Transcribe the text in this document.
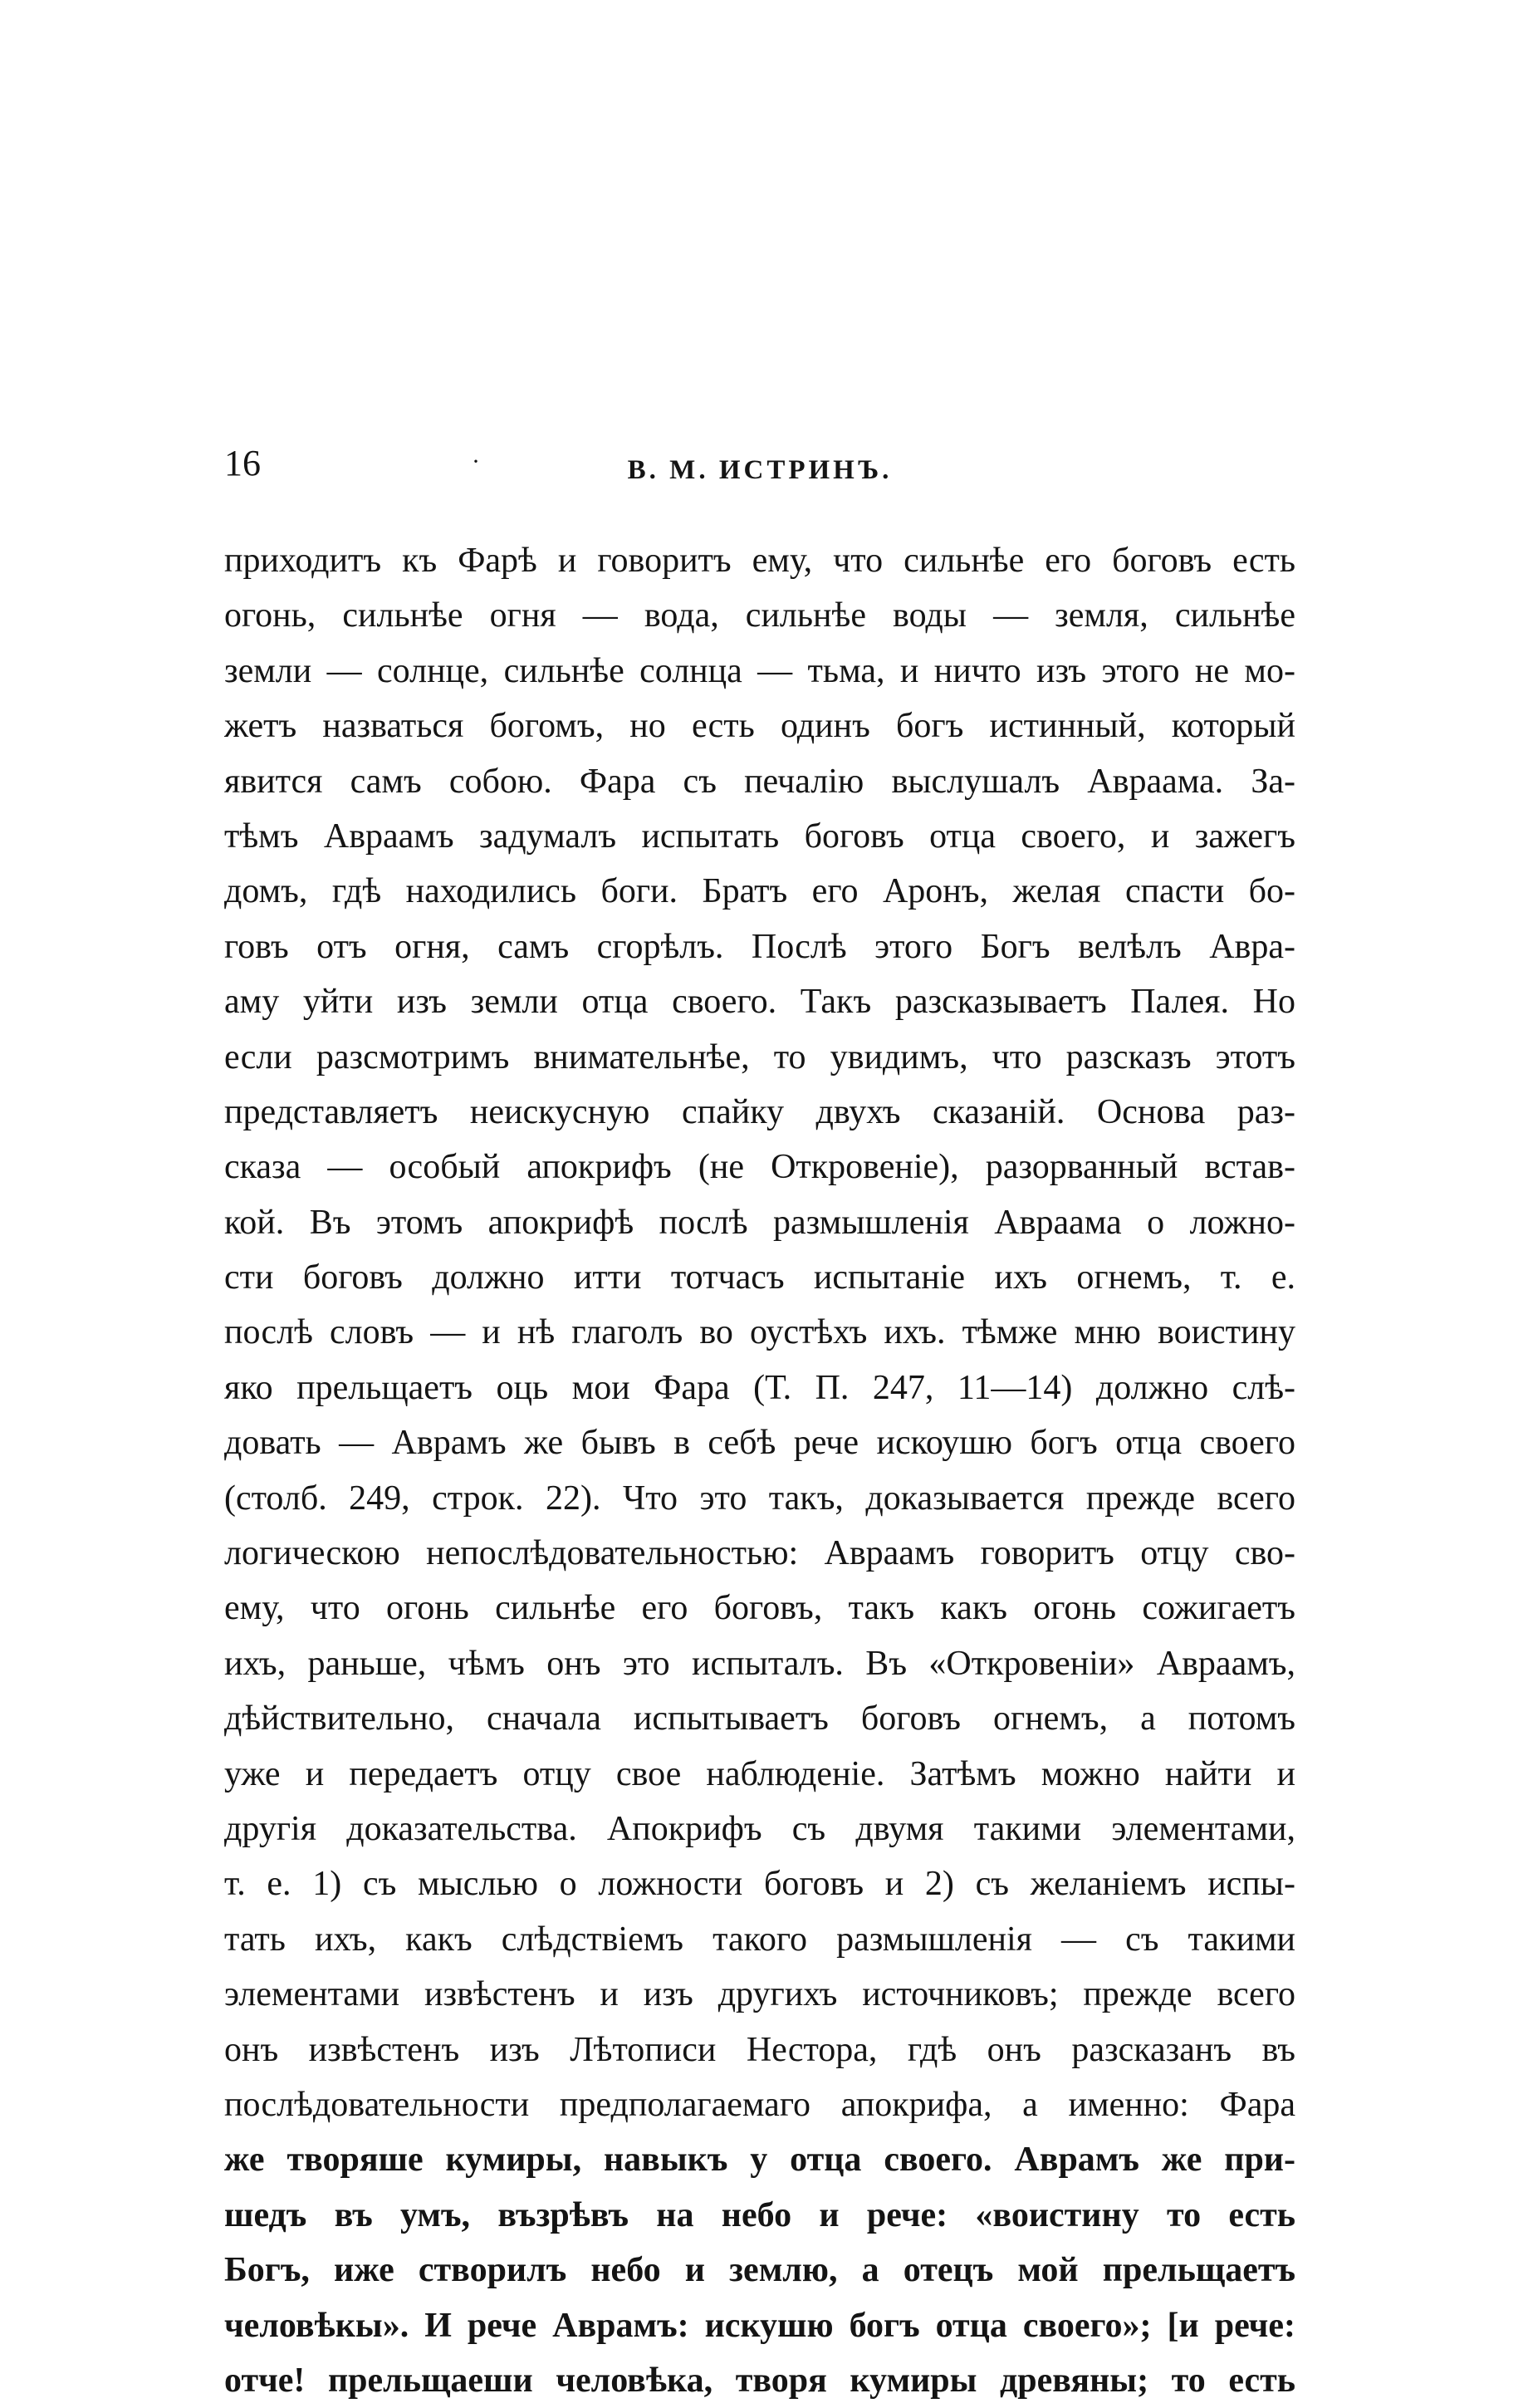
16	·	В. М. ИСТРИНЪ.
приходитъ къ Фарѣ и говоритъ ему, что сильнѣе его боговъ есть
огонь, сильнѣе огня — вода, сильнѣе воды — земля, сильнѣе
земли — солнце, сильнѣе солнца — тьма, и ничто изъ этого не мо-
жетъ назваться богомъ, но есть одинъ богъ истинный, который
явится самъ собою. Фара съ печалію выслушалъ Авраама. За-
тѣмъ Авраамъ задумалъ испытать боговъ отца своего, и зажегъ
домъ, гдѣ находились боги. Братъ его Аронъ, желая спасти бо-
говъ отъ огня, самъ сгорѣлъ. Послѣ этого Богъ велѣлъ Авра-
аму уйти изъ земли отца своего. Такъ разсказываетъ Палея. Но
если разсмотримъ внимательнѣе, то увидимъ, что разсказъ этотъ
представляетъ неискусную спайку двухъ сказаній. Основа раз-
сказа — особый апокрифъ (не Откровеніе), разорванный встав-
кой. Въ этомъ апокрифѣ послѣ размышленія Авраама о ложно-
сти боговъ должно итти тотчасъ испытаніе ихъ огнемъ, т. е.
послѣ словъ — и нѣ глаголъ во оустѣхъ ихъ. тѣмже мню воистину
яко прельщаетъ оць мои Фара (Т. П. 247, 11—14) должно слѣ-
довать — Аврамъ же бывъ в себѣ рече искоушю богъ отца своего
(столб. 249, строк. 22). Что это такъ, доказывается прежде всего
логическою непослѣдовательностью: Авраамъ говоритъ отцу сво-
ему, что огонь сильнѣе его боговъ, такъ какъ огонь сожигаетъ
ихъ, раньше, чѣмъ онъ это испыталъ. Въ «Откровеніи» Авраамъ,
дѣйствительно, сначала испытываетъ боговъ огнемъ, а потомъ
уже и передаетъ отцу свое наблюденіе. Затѣмъ можно найти и
другія доказательства. Апокрифъ съ двумя такими элементами,
т. е. 1) съ мыслью о ложности боговъ и 2) съ желаніемъ испы-
тать ихъ, какъ слѣдствіемъ такого размышленія — съ такими
элементами извѣстенъ и изъ другихъ источниковъ; прежде всего
онъ извѣстенъ изъ Лѣтописи Нестора, гдѣ онъ разсказанъ въ
послѣдовательности предполагаемаго апокрифа, а именно: Фара
же творяше кумиры, навыкъ у отца своего. Аврамъ же при-
шедъ въ умъ, възрѣвъ на небо и рече: «воистину то есть
Богъ, иже створилъ небо и землю, а отецъ мой прельщаетъ
человѣкы». И рече Аврамъ: искушю богъ отца своего»; [и рече:
отче! прельщаеши человѣка, творя кумиры древяны; то есть
